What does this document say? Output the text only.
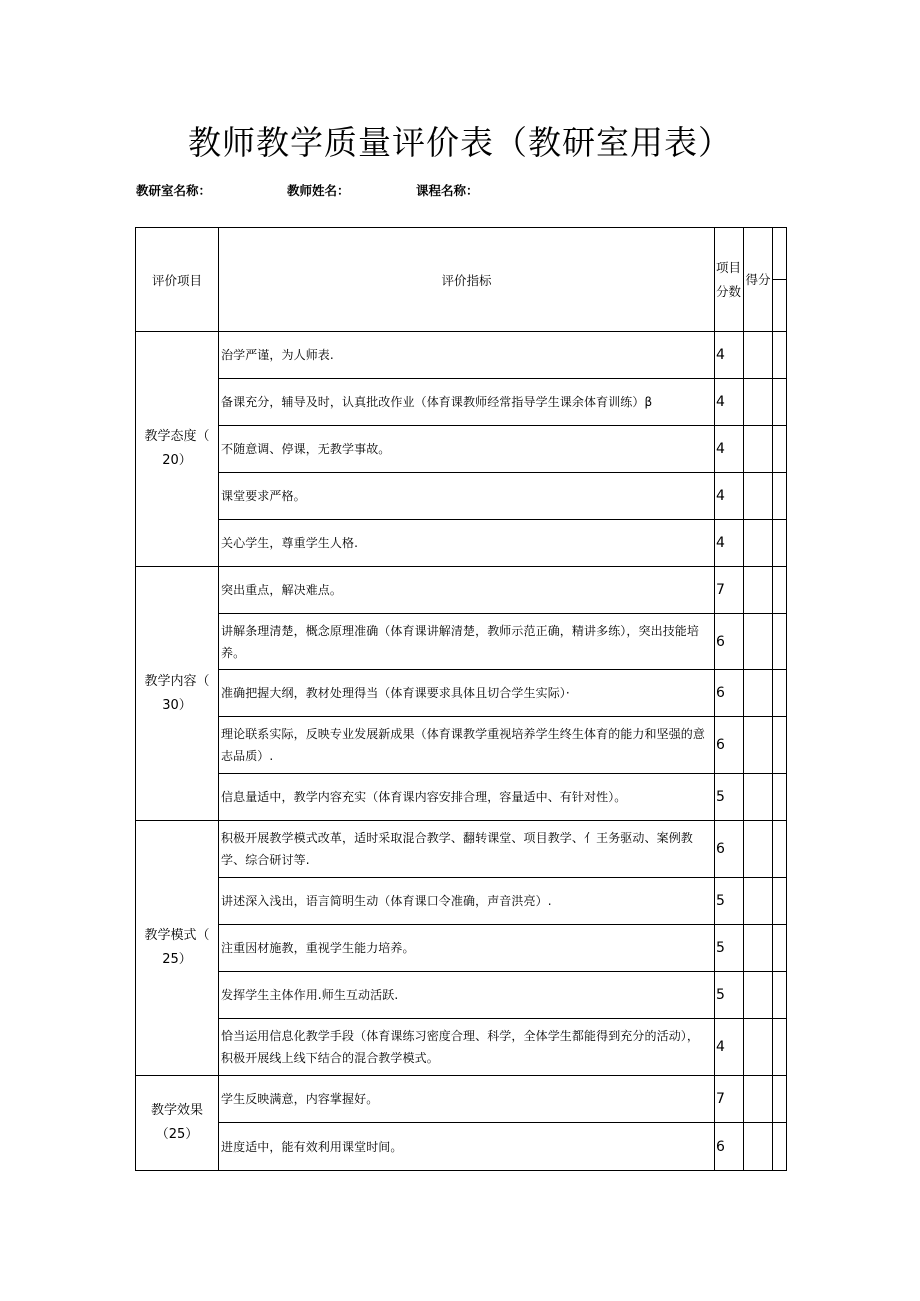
教师教学质量评价表（教研室用表）
教研室名称：	教师姓名：	课程名称：
评价项目	评价指标	项目分数	得分	

教学态度（
20）	治学严谨，为人师表.	4		
	备课充分，辅导及时，认真批改作业（体育课教师经常指导学生课余体育训练）β	4		
	不随意调、停课，无教学事故。	4		
	课堂要求严格。	4		
	关心学生，尊重学生人格.	4		

教学内容（
30）	突出重点，解决难点。	7		
	讲解条理清楚，概念原理准确（体育课讲解清楚，教师示范正确，精讲多练），突出技能培养。	6		
	准确把握大纲，教材处理得当（体育课要求具体且切合学生实际）·	6		
	理论联系实际，反映专业发展新成果（体育课教学重视培养学生终生体育的能力和坚强的意志品质）.	6		
	信息量适中，教学内容充实（体育课内容安排合理，容量适中、有针对性）。	5		

教学模式（
25）	积极开展教学模式改革，适时采取混合教学、翻转课堂、项目教学、亻王务驱动、案例教学、综合研讨等.	6		
	讲述深入浅出，语言简明生动（体育课口令准确，声音洪亮）.	5		
	注重因材施教，重视学生能力培养。	5		
	发挥学生主体作用.师生互动活跃.	5		
	恰当运用信息化教学手段（体育课练习密度合理、科学，全体学生都能得到充分的活动），积极开展线上线下结合的混合教学模式。	4		

教学效果
（25）	学生反映满意，内容掌握好。	7		
	进度适中，能有效利用课堂时间。	6		
